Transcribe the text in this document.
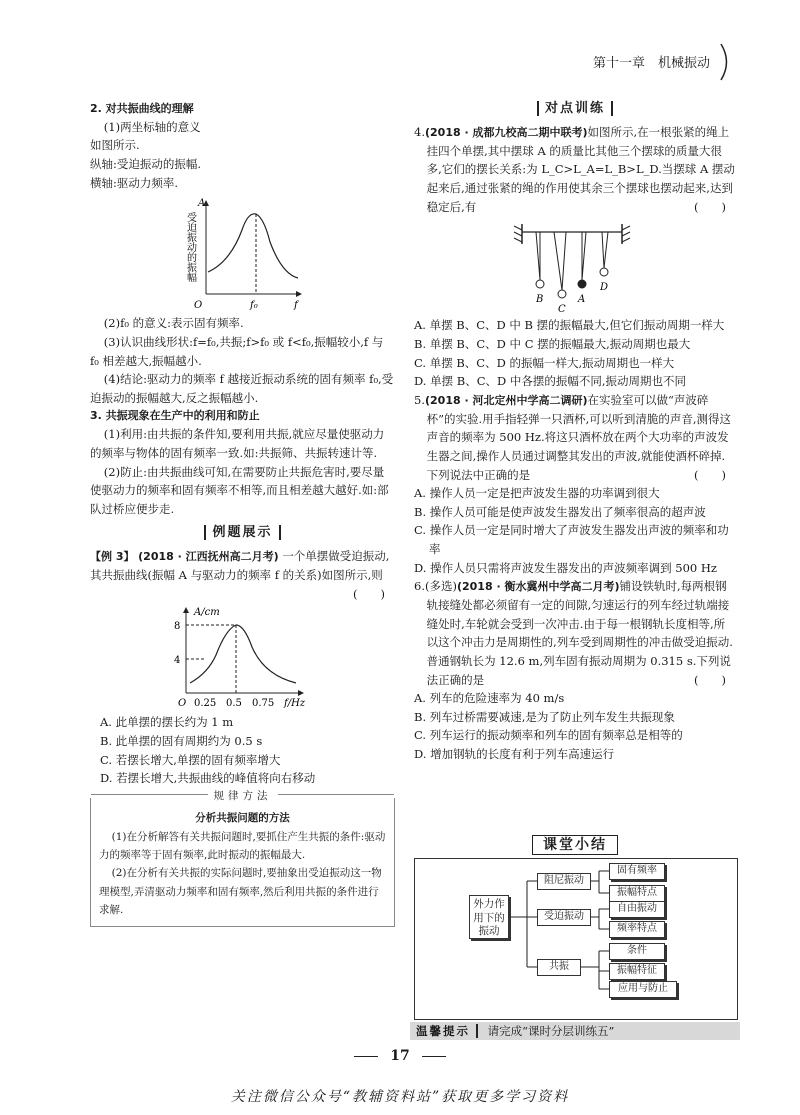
第十一章　机械振动

2. 对共振曲线的理解

(1)两坐标轴的意义

如图所示.

纵轴:受迫振动的振幅.

横轴:驱动力频率.

A
受迫振动的振幅
O	f₀	f

(2)f₀ 的意义:表示固有频率.

(3)认识曲线形状:f=f₀,共振;f>f₀ 或 f<f₀,振幅较小,f 与 f₀ 相差越大,振幅越小.

(4)结论:驱动力的频率 f 越接近振动系统的固有频率 f₀,受迫振动的振幅越大,反之振幅越小.

3. 共振现象在生产中的利用和防止

(1)利用:由共振的条件知,要利用共振,就应尽量使驱动力的频率与物体的固有频率一致.如:共振筛、共振转速计等.

(2)防止:由共振曲线可知,在需要防止共振危害时,要尽量使驱动力的频率和固有频率不相等,而且相差越大越好.如:部队过桥应便步走.

例题展示

【例 3】 (2018 · 江西抚州高二月考) 一个单摆做受迫振动,其共振曲线(振幅 A 与驱动力的频率 f 的关系)如图所示,则
(　　)

A/cm
8
4
O 0.25 0.5 0.75 f/Hz

A. 此单摆的摆长约为 1 m

B. 此单摆的固有周期约为 0.5 s

C. 若摆长增大,单摆的固有频率增大

D. 若摆长增大,共振曲线的峰值将向右移动

规律方法

分析共振问题的方法

(1)在分析解答有关共振问题时,要抓住产生共振的条件:驱动力的频率等于固有频率,此时振动的振幅最大.

(2)在分析有关共振的实际问题时,要抽象出受迫振动这一物理模型,弄清驱动力频率和固有频率,然后利用共振的条件进行求解.

对点训练

4.(2018 · 成都九校高二期中联考)如图所示,在一根张紧的绳上挂四个单摆,其中摆球 A 的质量比其他三个摆球的质量大很多,它们的摆长关系:为 L_C>L_A=L_B>L_D.当摆球 A 摆动起来后,通过张紧的绳的作用使其余三个摆球也摆动起来,达到稳定后,有	(　　)

B
C
A
D

A. 单摆 B、C、D 中 B 摆的振幅最大,但它们振动周期一样大

B. 单摆 B、C、D 中 C 摆的振幅最大,振动周期也最大

C. 单摆 B、C、D 的振幅一样大,振动周期也一样大

D. 单摆 B、C、D 中各摆的振幅不同,振动周期也不同

5.(2018 · 河北定州中学高二调研)在实验室可以做“声波碎杯”的实验.用手指轻弹一只酒杯,可以听到清脆的声音,测得这声音的频率为 500 Hz.将这只酒杯放在两个大功率的声波发生器之间,操作人员通过调整其发出的声波,就能使酒杯碎掉.下列说法中正确的是	(　　)

A. 操作人员一定是把声波发生器的功率调到很大

B. 操作人员可能是使声波发生器发出了频率很高的超声波

C. 操作人员一定是同时增大了声波发生器发出声波的频率和功率

D. 操作人员只需将声波发生器发出的声波频率调到 500 Hz

6.(多选)(2018 · 衡水冀州中学高二月考)铺设铁轨时,每两根钢轨接缝处都必须留有一定的间隙,匀速运行的列车经过轨端接缝处时,车轮就会受到一次冲击.由于每一根钢轨长度相等,所以这个冲击力是周期性的,列车受到周期性的冲击做受迫振动.普通钢轨长为 12.6 m,列车固有振动周期为 0.315 s.下列说法正确的是	(　　)

A. 列车的危险速率为 40 m/s

B. 列车过桥需要减速,是为了防止列车发生共振现象

C. 列车运行的振动频率和列车的固有频率总是相等的

D. 增加钢轨的长度有利于列车高速运行

课堂小结
外力作用下的振动
阻尼振动
受迫振动
共振
固有频率
振幅特点
自由振动
频率特点
条件
振幅特征
应用与防止
温馨提示 请完成“课时分层训练五”
17
关注微信公众号“教辅资料站”获取更多学习资料
